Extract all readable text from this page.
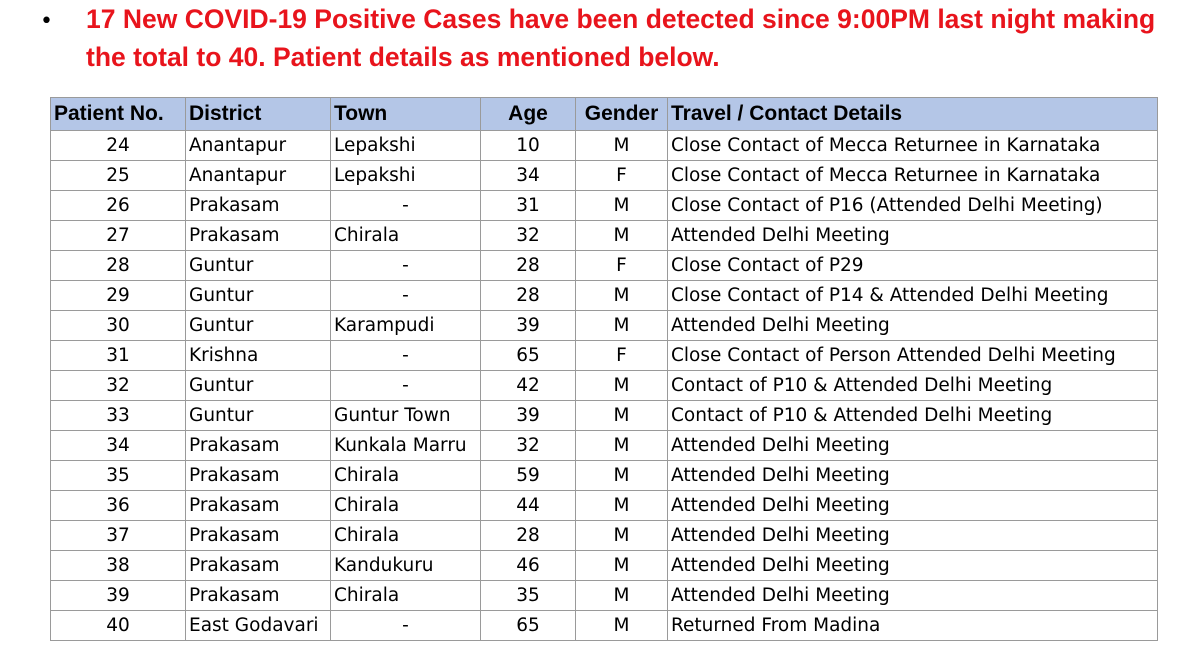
• 17 New COVID-19 Positive Cases have been detected since 9:00PM last night making the total to 40. Patient details as mentioned below.

Patient No.	District	Town	Age	Gender	Travel / Contact Details
24	Anantapur	Lepakshi	10	M	Close Contact of Mecca Returnee in Karnataka
25	Anantapur	Lepakshi	34	F	Close Contact of Mecca Returnee in Karnataka
26	Prakasam	-	31	M	Close Contact of P16 (Attended Delhi Meeting)
27	Prakasam	Chirala	32	M	Attended Delhi Meeting
28	Guntur	-	28	F	Close Contact of P29
29	Guntur	-	28	M	Close Contact of P14 & Attended Delhi Meeting
30	Guntur	Karampudi	39	M	Attended Delhi Meeting
31	Krishna	-	65	F	Close Contact of Person Attended Delhi Meeting
32	Guntur	-	42	M	Contact of P10 & Attended Delhi Meeting
33	Guntur	Guntur Town	39	M	Contact of P10 & Attended Delhi Meeting
34	Prakasam	Kunkala Marru	32	M	Attended Delhi Meeting
35	Prakasam	Chirala	59	M	Attended Delhi Meeting
36	Prakasam	Chirala	44	M	Attended Delhi Meeting
37	Prakasam	Chirala	28	M	Attended Delhi Meeting
38	Prakasam	Kandukuru	46	M	Attended Delhi Meeting
39	Prakasam	Chirala	35	M	Attended Delhi Meeting
40	East Godavari	-	65	M	Returned From Madina
